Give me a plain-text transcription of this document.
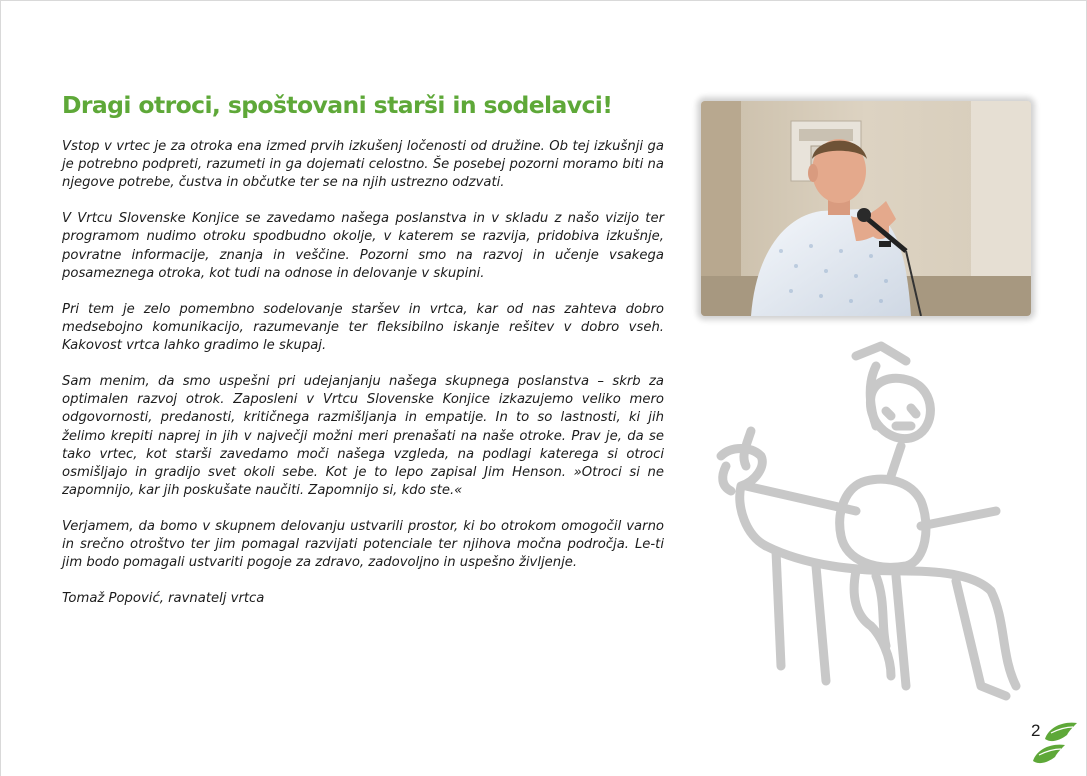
Dragi otroci, spoštovani starši in sodelavci!

Vstop v vrtec je za otroka ena izmed prvih izkušenj ločenosti od družine. Ob tej izkušnji ga je potrebno podpreti, razumeti in ga dojemati celostno. Še posebej pozorni moramo biti na njegove potrebe, čustva in občutke ter se na njih ustrezno odzvati.

V Vrtcu Slovenske Konjice se zavedamo našega poslanstva in v skladu z našo vizijo ter programom nudimo otroku spodbudno okolje, v katerem se razvija, pridobiva izkušnje, povratne informacije, znanja in veščine. Pozorni smo na razvoj in učenje vsakega posameznega otroka, kot tudi na odnose in delovanje v skupini.

Pri tem je zelo pomembno sodelovanje staršev in vrtca, kar od nas zahteva dobro medsebojno komunikacijo, razumevanje ter fleksibilno iskanje rešitev v dobro vseh. Kakovost vrtca lahko gradimo le skupaj.

Sam menim, da smo uspešni pri udejanjanju našega skupnega poslanstva – skrb za optimalen razvoj otrok. Zaposleni v Vrtcu Slovenske Konjice izkazujemo veliko mero odgovornosti, predanosti, kritičnega razmišljanja in empatije. In to so lastnosti, ki jih želimo krepiti naprej in jih v največji možni meri prenašati na naše otroke. Prav je, da se tako vrtec, kot starši zavedamo moči našega vzgleda, na podlagi katerega si otroci osmišljajo in gradijo svet okoli sebe. Kot je to lepo zapisal Jim Henson. »Otroci si ne zapomnijo, kar jih poskušate naučiti. Zapomnijo si, kdo ste.«

Verjamem, da bomo v skupnem delovanju ustvarili prostor, ki bo otrokom omogočil varno in srečno otroštvo ter jim pomagal razvijati potenciale ter njihova močna področja. Le-ti jim bodo pomagali ustvariti pogoje za zdravo, zadovoljno in uspešno življenje.

Tomaž Popović, ravnatelj vrtca

2
